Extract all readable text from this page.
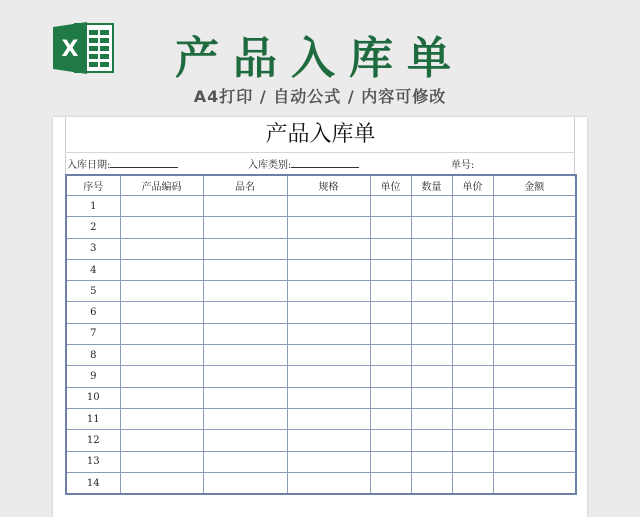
X 产品入库单
A4打印 / 自动公式 / 内容可修改
产品入库单
入库日期:	入库类别:	单号:
序号	产品编码	品名	规格	单位	数量	单价	金额
1							
2							
3							
4							
5							
6							
7							
8							
9							
10							
11							
12							
13							
14							
